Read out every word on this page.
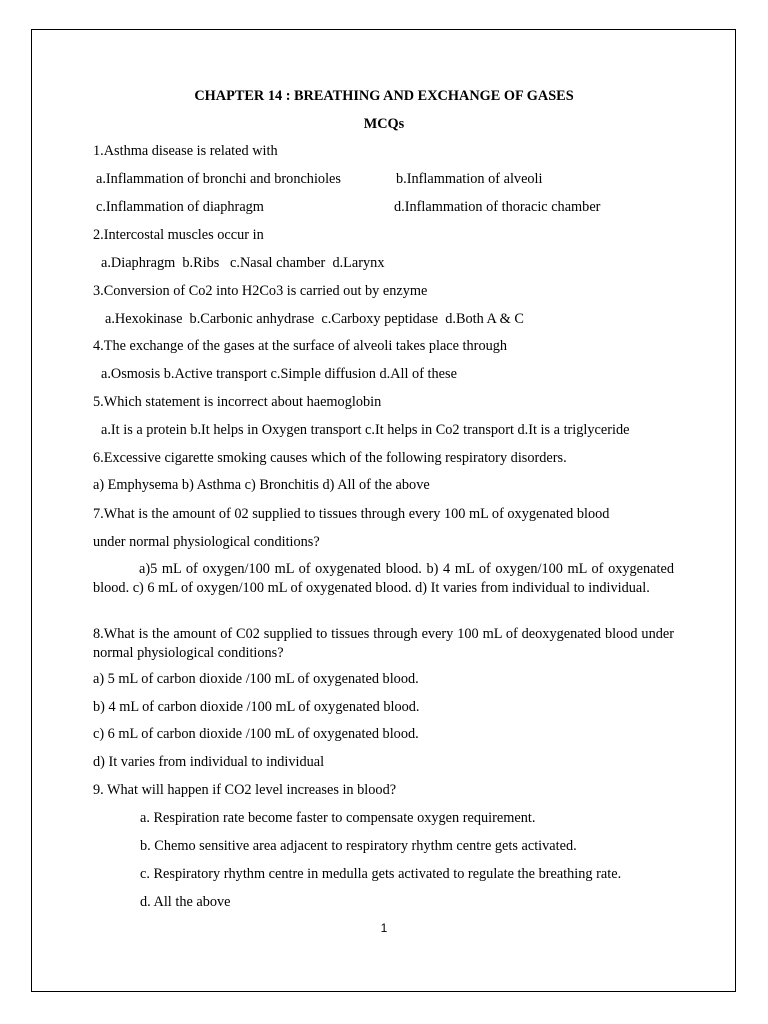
CHAPTER 14 : BREATHING AND EXCHANGE OF GASES
MCQs
1.Asthma disease is related with
a.Inflammation of bronchi and bronchioles	b.Inflammation of alveoli
c.Inflammation of diaphragm	d.Inflammation of thoracic chamber
2.Intercostal muscles occur in
a.Diaphragm  b.Ribs   c.Nasal chamber  d.Larynx
3.Conversion of Co2 into H2Co3 is carried out by enzyme
a.Hexokinase  b.Carbonic anhydrase  c.Carboxy peptidase  d.Both A & C
4.The exchange of the gases at the surface of alveoli takes place through
a.Osmosis b.Active transport c.Simple diffusion d.All of these
5.Which statement is incorrect about haemoglobin
a.It is a protein b.It helps in Oxygen transport c.It helps in Co2 transport d.It is a triglyceride
6.Excessive cigarette smoking causes which of the following respiratory disorders.
a) Emphysema b) Asthma c) Bronchitis d) All of the above
7.What is the amount of 02 supplied to tissues through every 100 mL of oxygenated blood
under normal physiological conditions?
a)5 mL of oxygen/100 mL of oxygenated blood. b) 4 mL of oxygen/100 mL of oxygenated blood. c) 6 mL of oxygen/100 mL of oxygenated blood. d) It varies from individual to individual.
8.What is the amount of C02 supplied to tissues through every 100 mL of deoxygenated blood under normal physiological conditions?
a) 5 mL of carbon dioxide /100 mL of oxygenated blood.
b) 4 mL of carbon dioxide /100 mL of oxygenated blood.
c) 6 mL of carbon dioxide /100 mL of oxygenated blood.
d) It varies from individual to individual
9. What will happen if CO2 level increases in blood?
a. Respiration rate become faster to compensate oxygen requirement.
b. Chemo sensitive area adjacent to respiratory rhythm centre gets activated.
c. Respiratory rhythm centre in medulla gets activated to regulate the breathing rate.
d. All the above
1
